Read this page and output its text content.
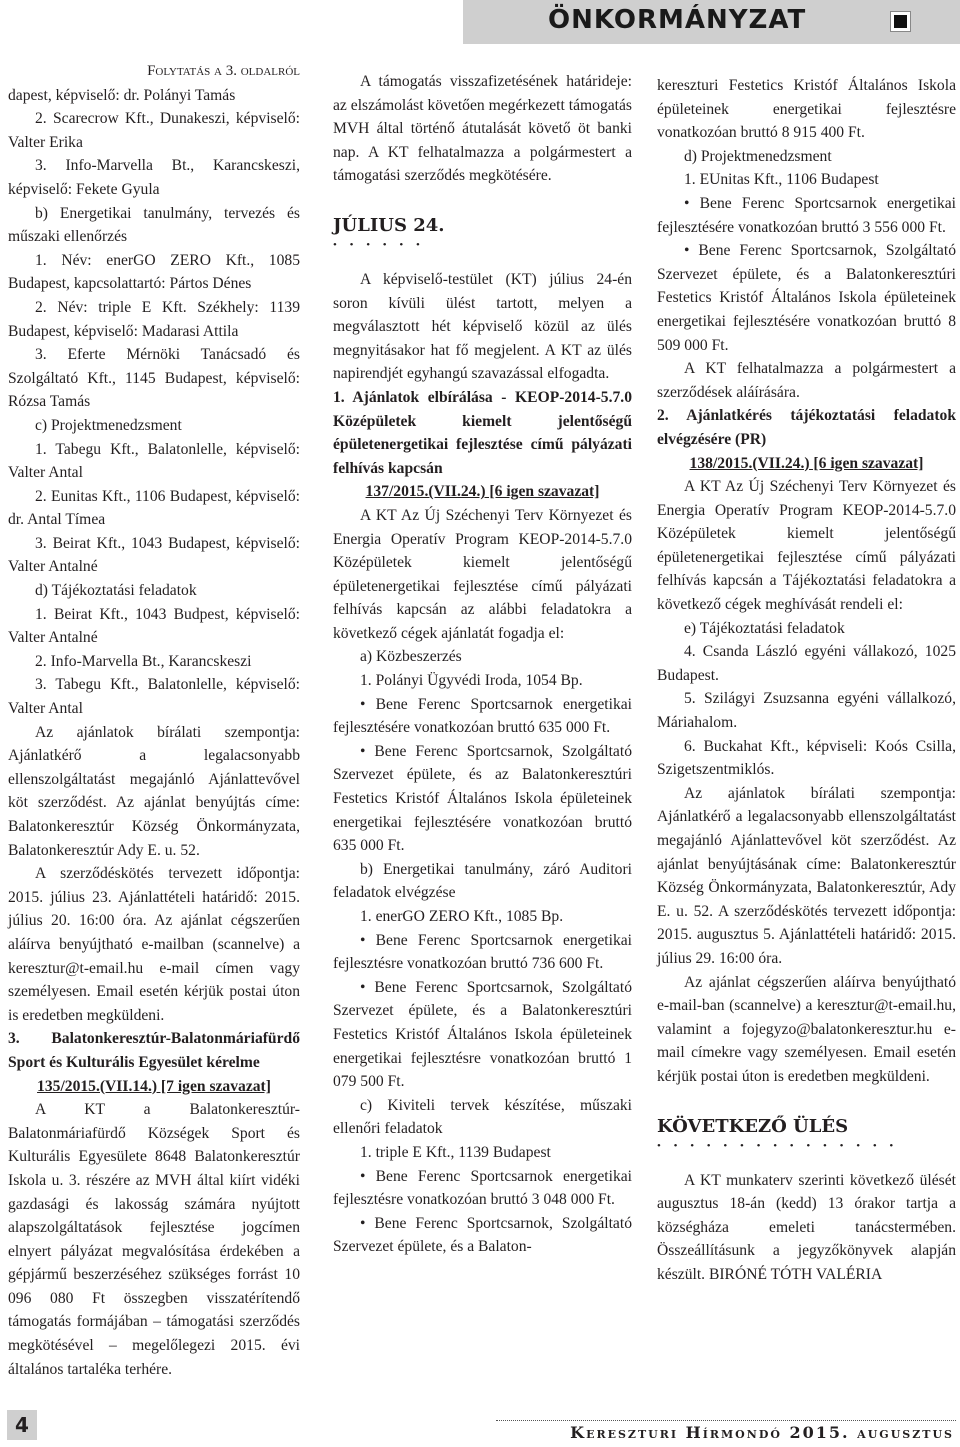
ÖNKORMÁNYZAT

Folytatás a 3. oldalról

dapest, képviselő: dr. Polányi Tamás

2. Scarecrow Kft., Dunakeszi, képviselő: Valter Erika

3. Info-Marvella Bt., Karancskeszi, képviselő: Fekete Gyula

b) Energetikai tanulmány, tervezés és műszaki ellenőrzés

1. Név: enerGO ZERO Kft., 1085 Budapest, kapcsolattartó: Pártos Dénes

2. Név: triple E Kft. Székhely: 1139 Budapest, képviselő: Madarasi Attila

3. Eferte Mérnöki Tanácsadó és Szolgáltató Kft., 1145 Budapest, képviselő: Rózsa Tamás

c) Projektmenedzsment

1. Tabegu Kft., Balatonlelle, képviselő: Valter Antal

2. Eunitas Kft., 1106 Budapest, képviselő: dr. Antal Tímea

3. Beirat Kft., 1043 Budapest, képviselő: Valter Antalné

d) Tájékoztatási feladatok

1. Beirat Kft., 1043 Budpest, képviselő: Valter Antalné

2. Info-Marvella Bt., Karancskeszi

3. Tabegu Kft., Balatonlelle, képviselő: Valter Antal

Az ajánlatok bírálati szempontja: Ajánlatkérő a legalacsonyabb ellenszolgáltatást megajánló Ajánlattevővel köt szerződést. Az ajánlat benyújtás címe: Balatonkeresztúr Község Önkormányzata, Balatonkeresztúr Ady E. u. 52.

A szerződéskötés tervezett időpontja: 2015. július 23. Ajánlattételi határidő: 2015. július 20. 16:00 óra. Az ajánlat cégszerűen aláírva benyújtható e-mailban (scannelve) a keresztur@t-email.hu e-mail címen vagy személyesen. Email esetén kérjük postai úton is eredetben megküldeni.

3. Balatonkeresztúr-Balatonmáriafürdő Sport és Kulturális Egyesület kérelme

135/2015.(VII.14.) [7 igen szavazat]

A KT a Balatonkeresztúr-Balatonmáriafürdő Községek Sport és Kulturális Egyesülete 8648 Balatonkeresztúr Iskola u. 3. részére az MVH által kiírt vidéki gazdasági és lakosság számára nyújtott alapszolgáltatások fejlesztése jogcímen elnyert pályázat megvalósítása érdekében a gépjármű beszerzéséhez szükséges forrást 10 096 080 Ft összegben visszatérítendő támogatás formájában – támogatási szerződés megkötésével – megelőlegezi 2015. évi általános tartaléka terhére.

A támogatás visszafizetésének határideje: az elszámolást követően megérkezett támogatás MVH által történő átutalását követő öt banki nap. A KT felhatalmazza a polgármestert a támogatási szerződés megkötésére.

JÚLIUS 24.

• • • • • •

A képviselő-testület (KT) július 24-én soron kívüli ülést tartott, melyen a megválasztott hét képviselő közül az ülés megnyitásakor hat fő megjelent. A KT az ülés napirendjét egyhangú szavazással elfogadta.

1. Ajánlatok elbírálása - KEOP-2014-5.7.0 Középületek kiemelt jelentőségű épületenergetikai fejlesztése című pályázati felhívás kapcsán

137/2015.(VII.24.) [6 igen szavazat]

A KT Az Új Széchenyi Terv Környezet és Energia Operatív Program KEOP-2014-5.7.0 Középületek kiemelt jelentőségű épületenergetikai fejlesztése című pályázati felhívás kapcsán az alábbi feladatokra a következő cégek ajánlatát fogadja el:

a) Közbeszerzés

1. Polányi Ügyvédi Iroda, 1054 Bp.

• Bene Ferenc Sportcsarnok energetikai fejlesztésére vonatkozóan bruttó 635 000 Ft.

• Bene Ferenc Sportcsarnok, Szolgáltató Szervezet épülete, és az Balatonkeresztúri Festetics Kristóf Általános Iskola épületeinek energetikai fejlesztésére vonatkozóan bruttó 635 000 Ft.

b) Energetikai tanulmány, záró Auditori feladatok elvégzése

1. enerGO ZERO Kft., 1085 Bp.

• Bene Ferenc Sportcsarnok energetikai fejlesztésre vonatkozóan bruttó 736 600 Ft.

• Bene Ferenc Sportcsarnok, Szolgáltató Szervezet épülete, és a Balatonkeresztúri Festetics Kristóf Általános Iskola épületeinek energetikai fejlesztésre vonatkozóan bruttó 1 079 500 Ft.

c) Kiviteli tervek készítése, műszaki ellenőri feladatok

1. triple E Kft., 1139 Budapest

• Bene Ferenc Sportcsarnok energetikai fejlesztésre vonatkozóan bruttó 3 048 000 Ft.

• Bene Ferenc Sportcsarnok, Szolgáltató Szervezet épülete, és a Balaton-

kereszturi Festetics Kristóf Általános Iskola épületeinek energetikai fejlesztésre vonatkozóan bruttó 8 915 400 Ft.

d) Projektmenedzsment

1. EUnitas Kft., 1106 Budapest

• Bene Ferenc Sportcsarnok energetikai fejlesztésére vonatkozóan bruttó 3 556 000 Ft.

• Bene Ferenc Sportcsarnok, Szolgáltató Szervezet épülete, és a Balatonkeresztúri Festetics Kristóf Általános Iskola épületeinek energetikai fejlesztésére vonatkozóan bruttó 8 509 000 Ft.

A KT felhatalmazza a polgármestert a szerződések aláírására.

2. Ajánlatkérés tájékoztatási feladatok elvégzésére (PR)

138/2015.(VII.24.) [6 igen szavazat]

A KT Az Új Széchenyi Terv Környezet és Energia Operatív Program KEOP-2014-5.7.0 Középületek kiemelt jelentőségű épületenergetikai fejlesztése című pályázati felhívás kapcsán a Tájékoztatási feladatokra a következő cégek meghívását rendeli el:

e) Tájékoztatási feladatok

4. Csanda László egyéni vállakozó, 1025 Budapest.

5. Szilágyi Zsuzsanna egyéni vállalkozó, Máriahalom.

6. Buckahat Kft., képviseli: Koós Csilla, Szigetszentmiklós.

Az ajánlatok bírálati szempontja: Ajánlatkérő a legalacsonyabb ellenszolgáltatást megajánló Ajánlattevővel köt szerződést. Az ajánlat benyújtásának címe: Balatonkeresztúr Község Önkormányzata, Balatonkeresztúr, Ady E. u. 52. A szerződéskötés tervezett időpontja: 2015. augusztus 5. Ajánlattételi határidő: 2015. július 29. 16:00 óra.

Az ajánlat cégszerűen aláírva benyújtható e-mail-ban (scannelve) a keresztur@t-email.hu, valamint a fojegyzo@balatonkeresztur.hu e-mail címekre vagy személyesen. Email esetén kérjük postai úton is eredetben megküldeni.

KÖVETKEZŐ ÜLÉS

• • • • • • • • • • • • • • •

A KT munkaterv szerinti következő ülését augusztus 18-án (kedd) 13 órakor tartja a községháza emeleti tanácstermében. Összeállításunk a jegyzőkönyvek alapján készült. BIRÓNÉ TÓTH VALÉRIA

4	Kereszturi Hírmondó 2015. augusztus
